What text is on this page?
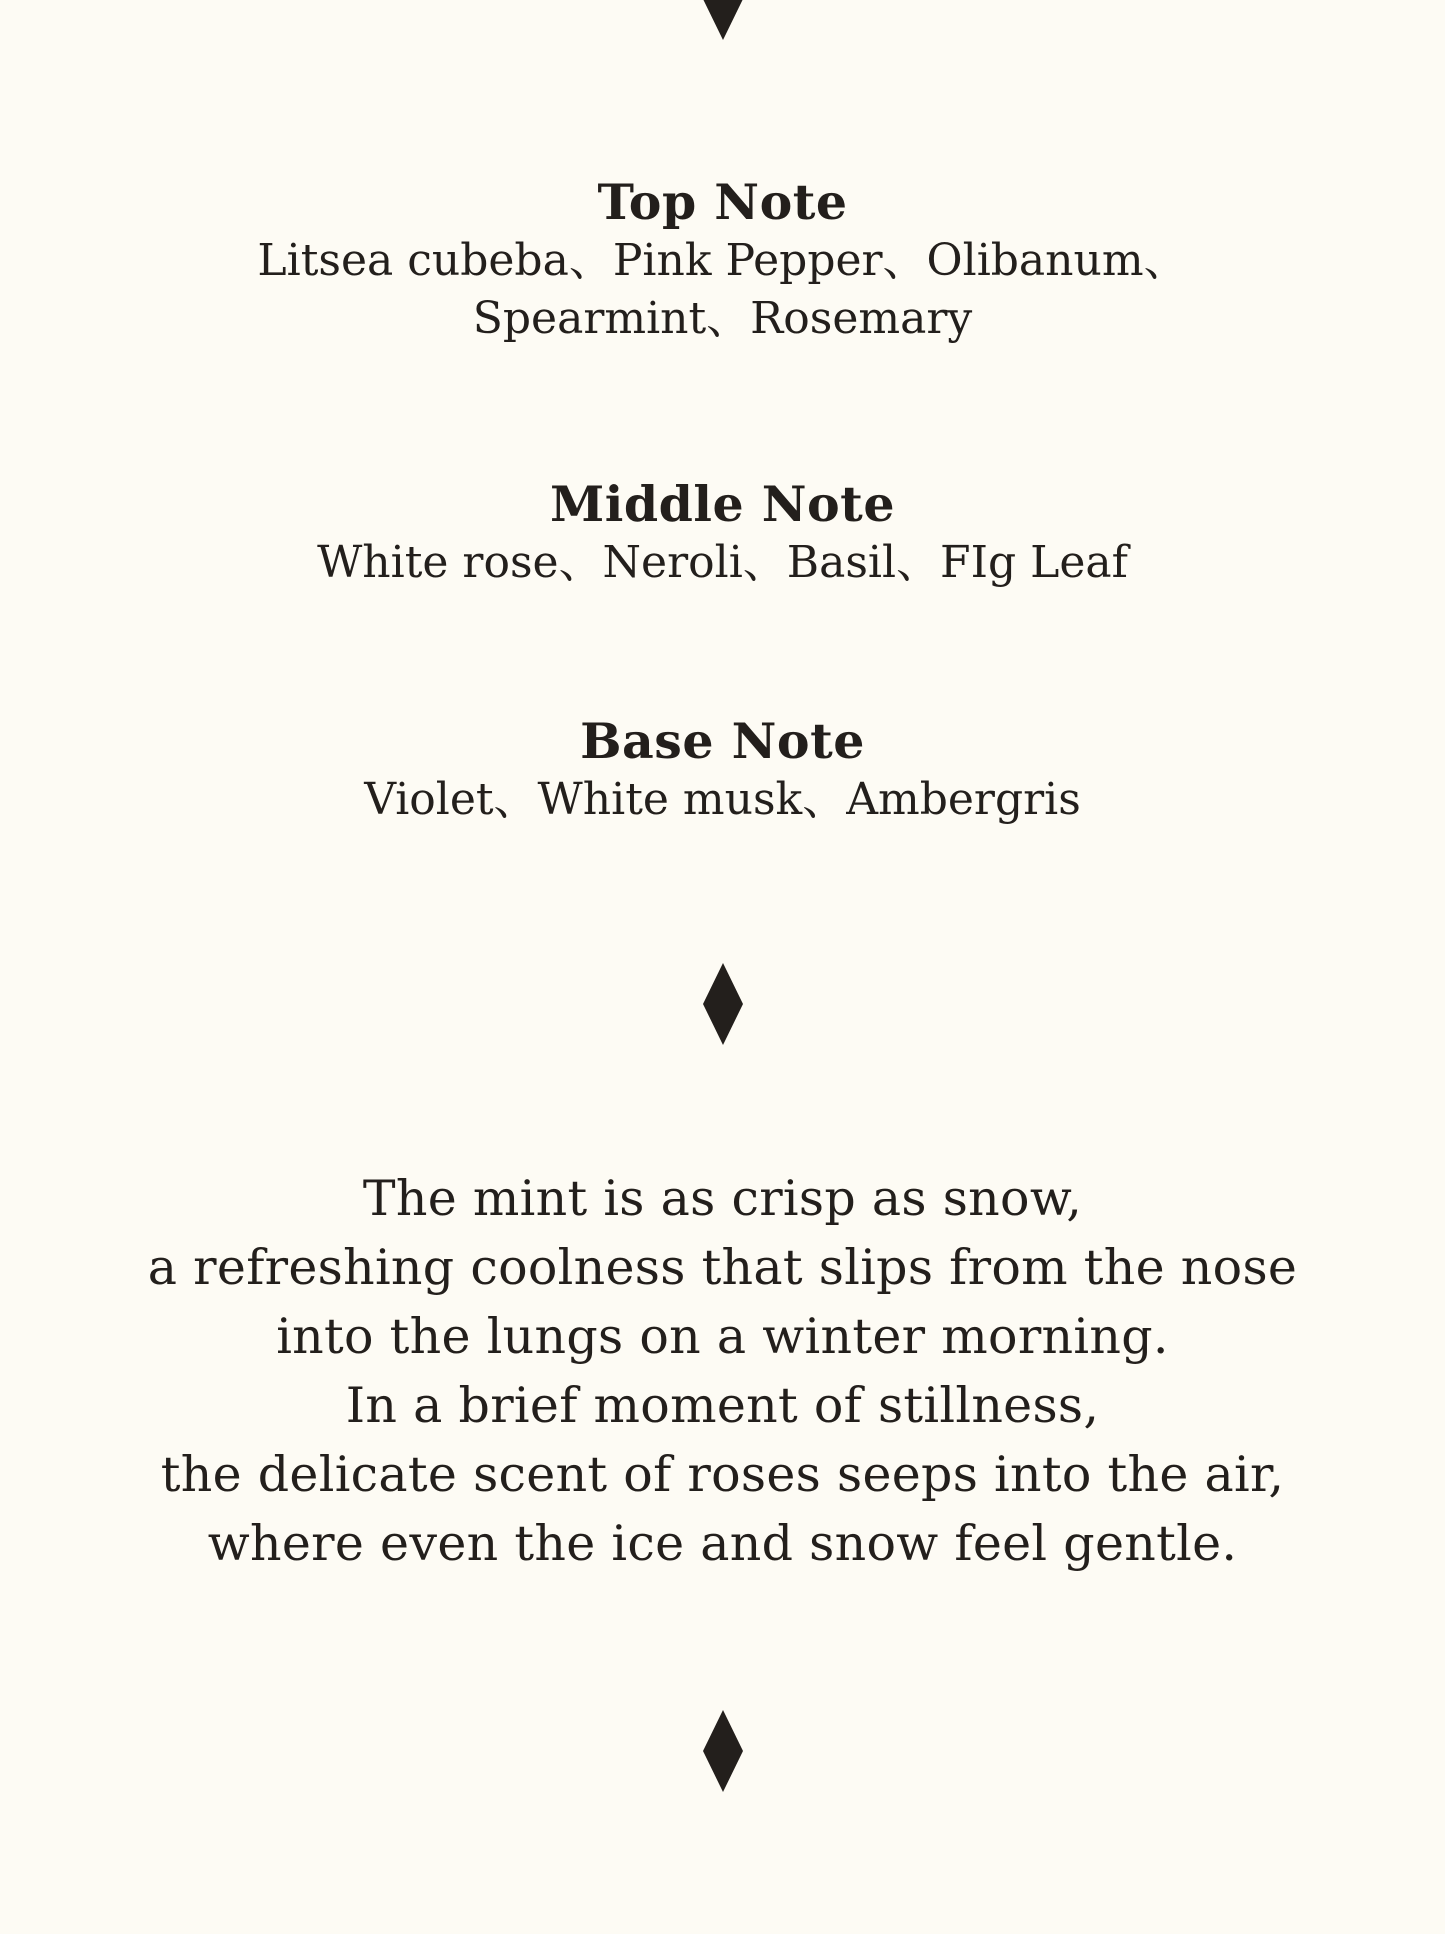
Top Note
Litsea cubeba、Pink Pepper、Olibanum、
Spearmint、Rosemary
Middle Note
White rose、Neroli、Basil、FIg Leaf
Base Note
Violet、White musk、Ambergris
The mint is as crisp as snow,
a refreshing coolness that slips from the nose
into the lungs on a winter morning.
In a brief moment of stillness,
the delicate scent of roses seeps into the air,
where even the ice and snow feel gentle.
